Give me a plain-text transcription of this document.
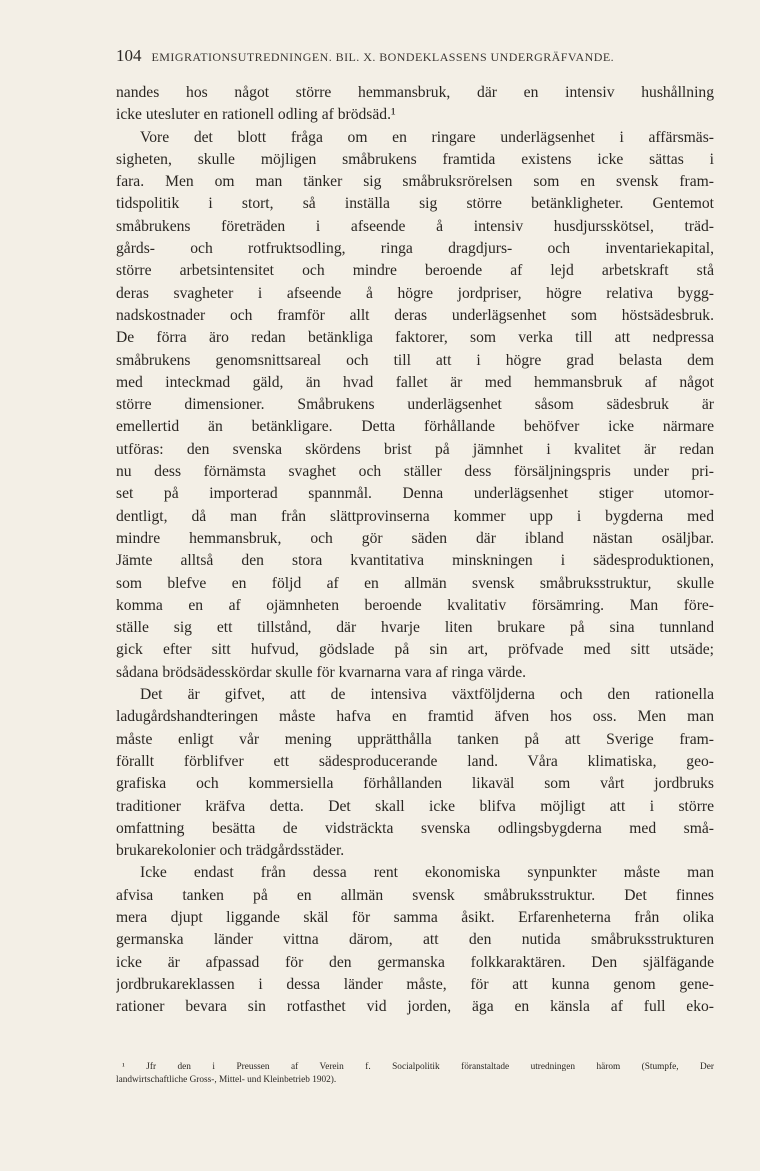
104 EMIGRATIONSUTREDNINGEN. BIL. X. BONDEKLASSENS UNDERGRÄFVANDE.
nandes hos något större hemmansbruk, där en intensiv hushållning
icke utesluter en rationell odling af brödsäd.¹
Vore det blott fråga om en ringare underlägsenhet i affärsmäs-
sigheten, skulle möjligen småbrukens framtida existens icke sättas i
fara. Men om man tänker sig småbruksrörelsen som en svensk fram-
tidspolitik i stort, så inställa sig större betänkligheter. Gentemot
småbrukens företräden i afseende å intensiv husdjursskötsel, träd-
gårds- och rotfruktsodling, ringa dragdjurs- och inventariekapital,
större arbetsintensitet och mindre beroende af lejd arbetskraft stå
deras svagheter i afseende å högre jordpriser, högre relativa bygg-
nadskostnader och framför allt deras underlägsenhet som höstsädesbruk.
De förra äro redan betänkliga faktorer, som verka till att nedpressa
småbrukens genomsnittsareal och till att i högre grad belasta dem
med inteckmad gäld, än hvad fallet är med hemmansbruk af något
större dimensioner. Småbrukens underlägsenhet såsom sädesbruk är
emellertid än betänkligare. Detta förhållande behöfver icke närmare
utföras: den svenska skördens brist på jämnhet i kvalitet är redan
nu dess förnämsta svaghet och ställer dess försäljningspris under pri-
set på importerad spannmål. Denna underlägsenhet stiger utomor-
dentligt, då man från slättprovinserna kommer upp i bygderna med
mindre hemmansbruk, och gör säden där ibland nästan osäljbar.
Jämte alltså den stora kvantitativa minskningen i sädesproduktionen,
som blefve en följd af en allmän svensk småbruksstruktur, skulle
komma en af ojämnheten beroende kvalitativ försämring. Man före-
ställe sig ett tillstånd, där hvarje liten brukare på sina tunnland
gick efter sitt hufvud, gödslade på sin art, pröfvade med sitt utsäde;
sådana brödsädesskördar skulle för kvarnarna vara af ringa värde.
Det är gifvet, att de intensiva växtföljderna och den rationella
ladugårdshandteringen måste hafva en framtid äfven hos oss. Men man
måste enligt vår mening upprätthålla tanken på att Sverige fram-
förallt förblifver ett sädesproducerande land. Våra klimatiska, geo-
grafiska och kommersiella förhållanden likaväl som vårt jordbruks
traditioner kräfva detta. Det skall icke blifva möjligt att i större
omfattning besätta de vidsträckta svenska odlingsbygderna med små-
brukarekolonier och trädgårdsstäder.
Icke endast från dessa rent ekonomiska synpunkter måste man
afvisa tanken på en allmän svensk småbruksstruktur. Det finnes
mera djupt liggande skäl för samma åsikt. Erfarenheterna från olika
germanska länder vittna därom, att den nutida småbruksstrukturen
icke är afpassad för den germanska folkkaraktären. Den själfägande
jordbrukareklassen i dessa länder måste, för att kunna genom gene-
rationer bevara sin rotfasthet vid jorden, äga en känsla af full eko-
¹ Jfr den i Preussen af Verein f. Socialpolitik föranstaltade utredningen härom (Stumpfe, Der
landwirtschaftliche Gross-, Mittel- und Kleinbetrieb 1902).
